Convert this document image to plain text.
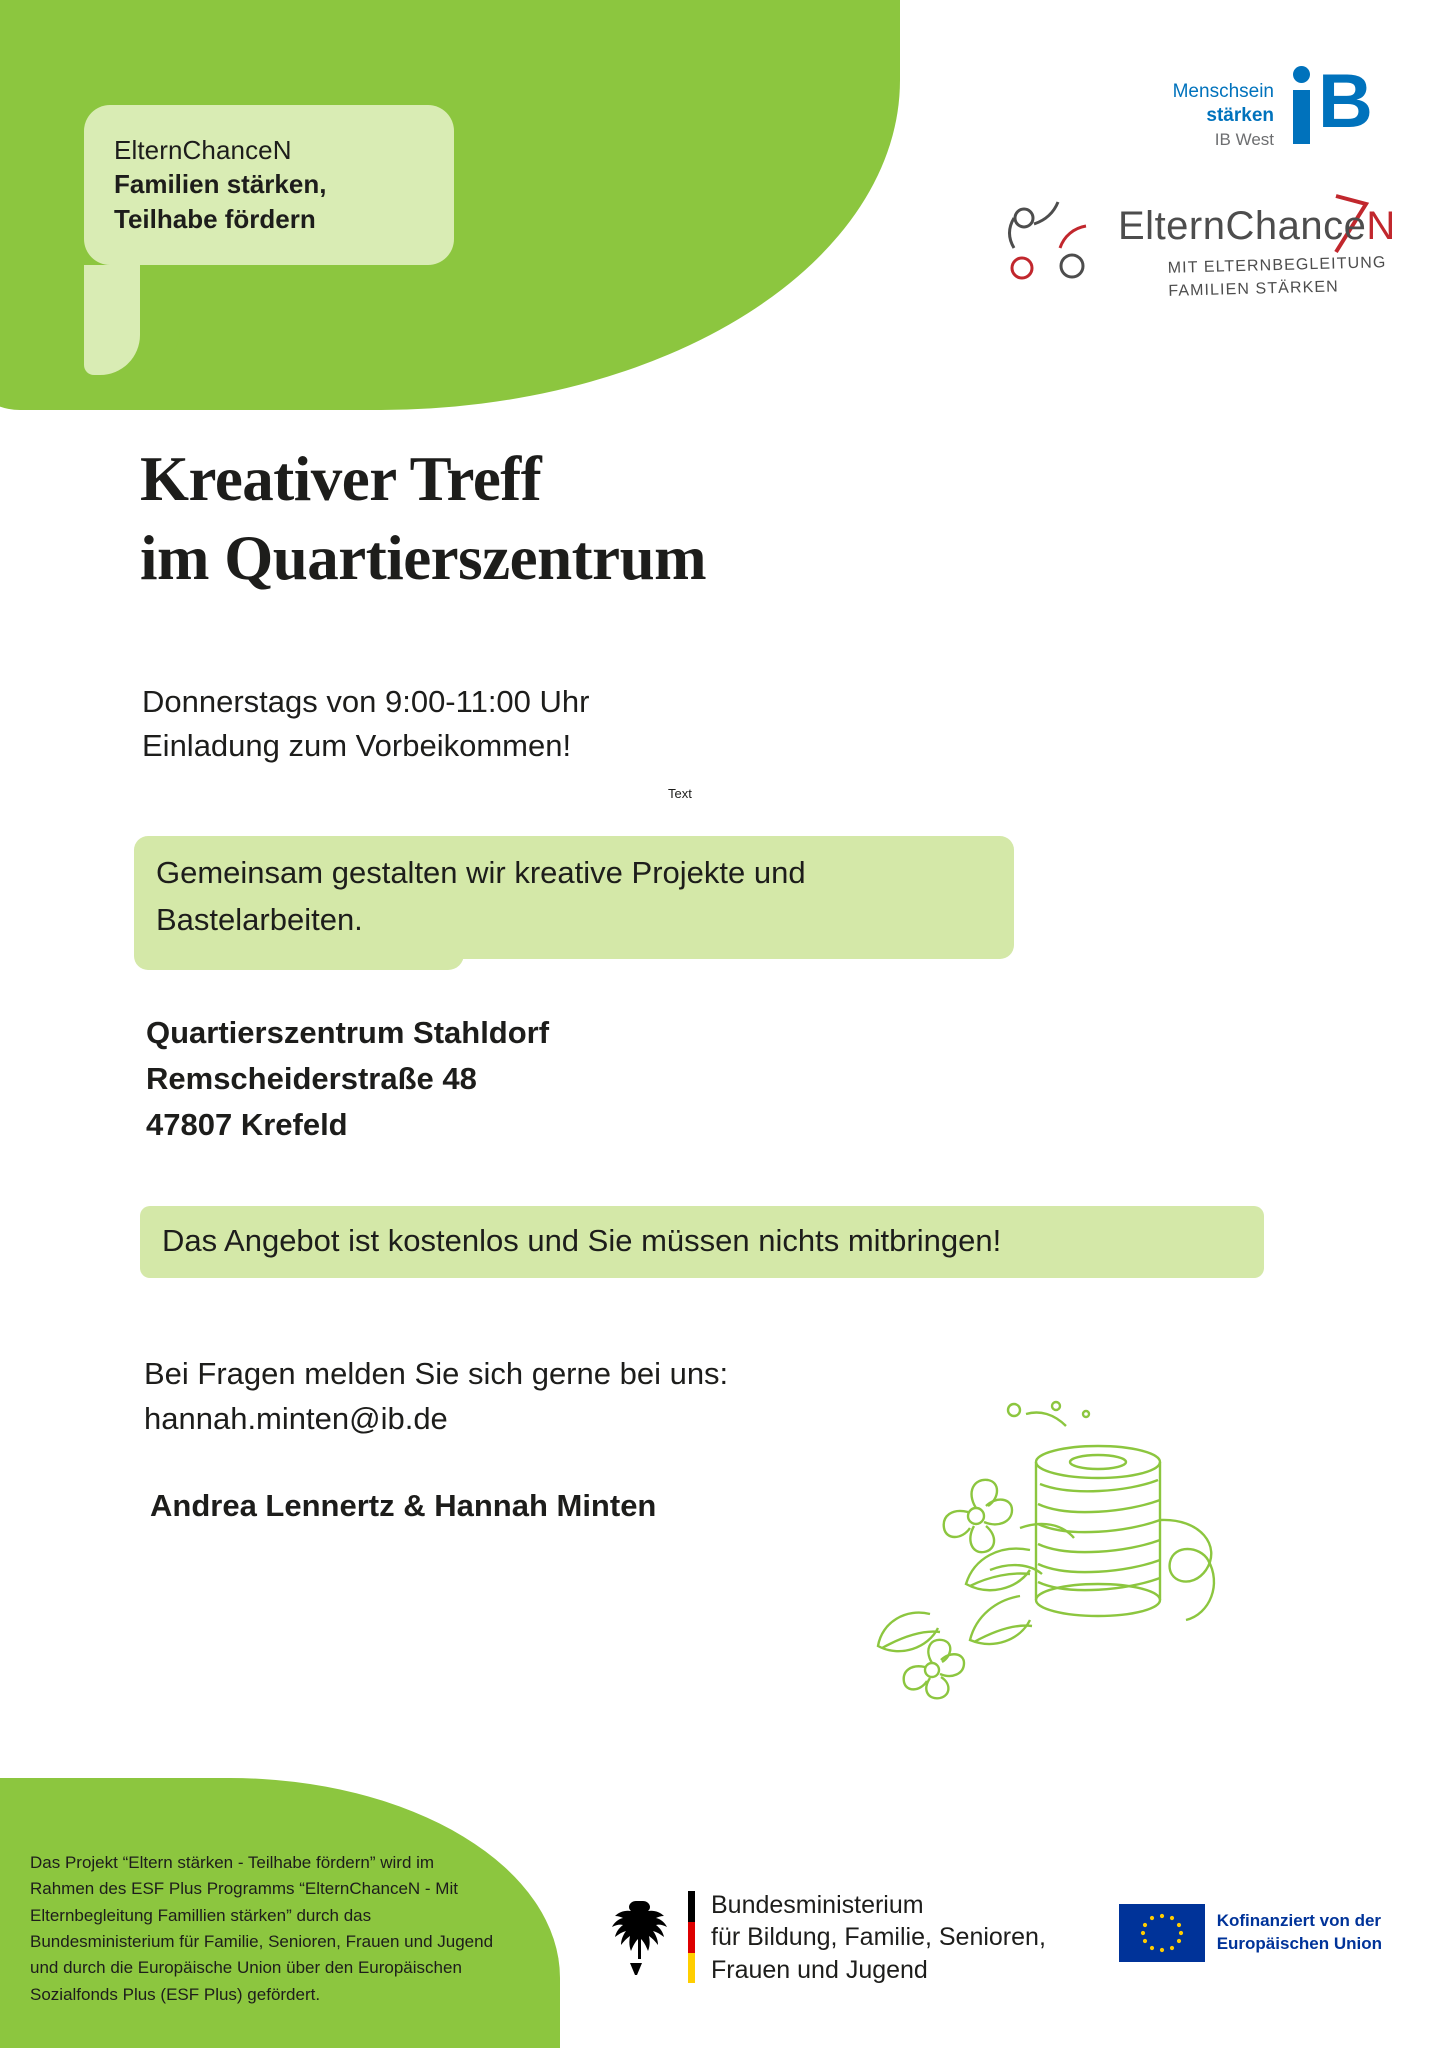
ElternChanceN
Familien stärken,
Teilhabe fördern
Menschsein
stärken
IB West B
ElternChanceN
MIT ELTERNBEGLEITUNG
FAMILIEN STÄRKEN
Kreativer Treff
im Quartierszentrum
Donnerstags von 9:00-11:00 Uhr
Einladung zum Vorbeikommen!
Text
Gemeinsam gestalten wir kreative Projekte und
Bastelarbeiten.
Quartierszentrum Stahldorf
Remscheiderstraße 48
47807 Krefeld
Das Angebot ist kostenlos und Sie müssen nichts mitbringen!
Bei Fragen melden Sie sich gerne bei uns:
hannah.minten@ib.de
Andrea Lennertz & Hannah Minten
Das Projekt “Eltern stärken - Teilhabe fördern” wird im Rahmen des ESF Plus Programms “ElternChanceN - Mit Elternbegleitung Famillien stärken” durch das Bundesministerium für Familie, Senioren, Frauen und Jugend und durch die Europäische Union über den Europäischen Sozialfonds Plus (ESF Plus) gefördert.
Bundesministerium
für Bildung, Familie, Senioren,
Frauen und Jugend
Kofinanziert von der
Europäischen Union
